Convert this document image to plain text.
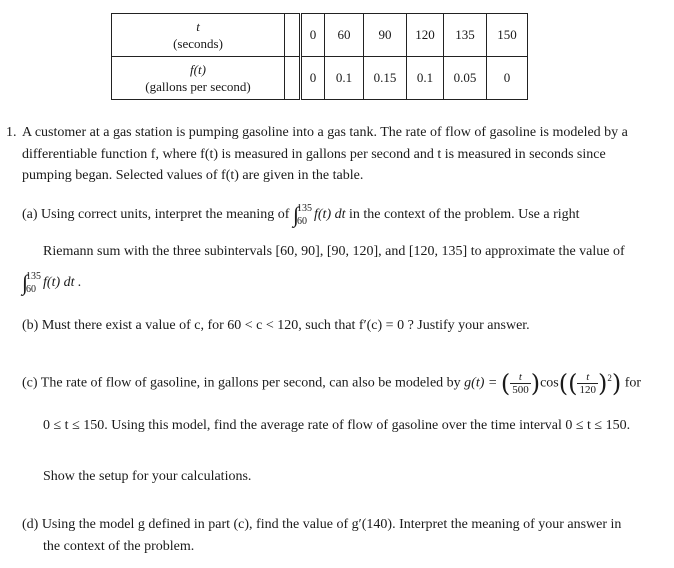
t
(seconds)		0	60	90	120	135	150
f(t)
(gallons per second)		0	0.1	0.15	0.1	0.05	0
1. A customer at a gas station is pumping gasoline into a gas tank. The rate of flow of gasoline is modeled by a
differentiable function f, where f(t) is measured in gallons per second and t is measured in seconds since
pumping began. Selected values of f(t) are given in the table.
(a) Using correct units, interpret the meaning of ∫135
60 f(t) dt in the context of the problem. Use a right
Riemann sum with the three subintervals [60, 90], [90, 120], and [120, 135] to approximate the value of
∫135
60 f(t) dt .
(b) Must there exist a value of c, for 60 < c < 120, such that f′(c) = 0 ? Justify your answer.
(c) The rate of flow of gasoline, in gallons per second, can also be modeled by g(t) = ( $\frac{t}{500} )\cos(( \frac{t}{120} )^2)$ for
0 ≤ t ≤ 150. Using this model, find the average rate of flow of gasoline over the time interval 0 ≤ t ≤ 150.
Show the setup for your calculations.
(d) Using the model g defined in part (c), find the value of g′(140). Interpret the meaning of your answer in
the context of the problem.
